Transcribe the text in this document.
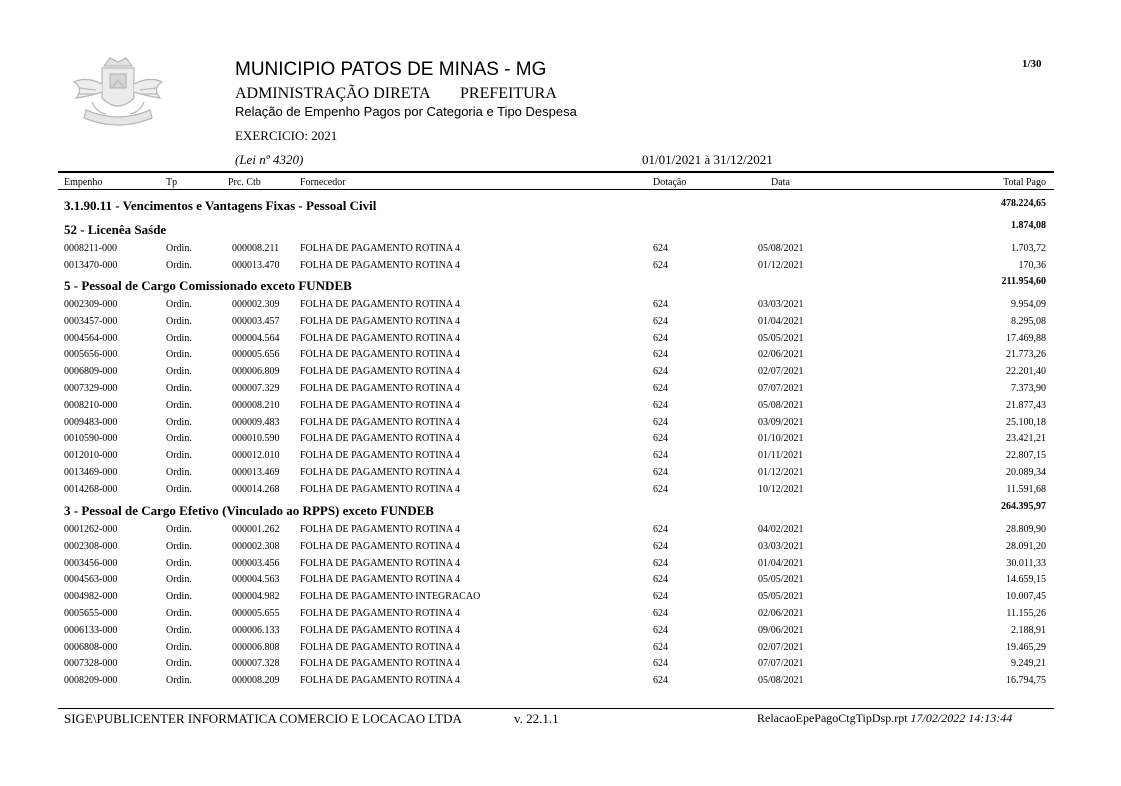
MUNICIPIO PATOS DE MINAS - MG
ADMINISTRAÇÃO DIRETA PREFEITURA
Relação de Empenho Pagos por Categoria e Tipo Despesa
EXERCICIO: 2021
(Lei nº 4320)	01/01/2021 à 31/12/2021
1/30
Empenho	Tp	Prc. Ctb	Fornecedor	Dotação	Data	Total Pago
3.1.90.11 - Vencimentos e Vantagens Fixas - Pessoal Civil	478.224,65
52 - Licenêa Saśde	1.874,08
0008211-000	Ordin.	000008.211 FOLHA DE PAGAMENTO ROTINA 4	624	05/08/2021	1.703,72
0013470-000	Ordin.	000013.470 FOLHA DE PAGAMENTO ROTINA 4	624	01/12/2021	170,36
5 - Pessoal de Cargo Comissionado exceto FUNDEB	211.954,60
0002309-000	Ordin.	000002.309 FOLHA DE PAGAMENTO ROTINA 4	624	03/03/2021	9.954,09
0003457-000	Ordin.	000003.457 FOLHA DE PAGAMENTO ROTINA 4	624	01/04/2021	8.295,08
0004564-000	Ordin.	000004.564 FOLHA DE PAGAMENTO ROTINA 4	624	05/05/2021	17.469,88
0005656-000	Ordin.	000005.656 FOLHA DE PAGAMENTO ROTINA 4	624	02/06/2021	21.773,26
0006809-000	Ordin.	000006.809 FOLHA DE PAGAMENTO ROTINA 4	624	02/07/2021	22.201,40
0007329-000	Ordin.	000007.329 FOLHA DE PAGAMENTO ROTINA 4	624	07/07/2021	7.373,90
0008210-000	Ordin.	000008.210 FOLHA DE PAGAMENTO ROTINA 4	624	05/08/2021	21.877,43
0009483-000	Ordin.	000009.483 FOLHA DE PAGAMENTO ROTINA 4	624	03/09/2021	25.100,18
0010590-000	Ordin.	000010.590 FOLHA DE PAGAMENTO ROTINA 4	624	01/10/2021	23.421,21
0012010-000	Ordin.	000012.010 FOLHA DE PAGAMENTO ROTINA 4	624	01/11/2021	22.807,15
0013469-000	Ordin.	000013.469 FOLHA DE PAGAMENTO ROTINA 4	624	01/12/2021	20.089,34
0014268-000	Ordin.	000014.268 FOLHA DE PAGAMENTO ROTINA 4	624	10/12/2021	11.591,68
3 - Pessoal de Cargo Efetivo (Vinculado ao RPPS) exceto FUNDEB	264.395,97
0001262-000	Ordin.	000001.262 FOLHA DE PAGAMENTO ROTINA 4	624	04/02/2021	28.809,90
0002308-000	Ordin.	000002.308 FOLHA DE PAGAMENTO ROTINA 4	624	03/03/2021	28.091,20
0003456-000	Ordin.	000003.456 FOLHA DE PAGAMENTO ROTINA 4	624	01/04/2021	30.011,33
0004563-000	Ordin.	000004.563 FOLHA DE PAGAMENTO ROTINA 4	624	05/05/2021	14.659,15
0004982-000	Ordin.	000004.982 FOLHA DE PAGAMENTO INTEGRACAO	624	05/05/2021	10.007,45
0005655-000	Ordin.	000005.655 FOLHA DE PAGAMENTO ROTINA 4	624	02/06/2021	11.155,26
0006133-000	Ordin.	000006.133 FOLHA DE PAGAMENTO ROTINA 4	624	09/06/2021	2.188,91
0006808-000	Ordin.	000006.808 FOLHA DE PAGAMENTO ROTINA 4	624	02/07/2021	19.465,29
0007328-000	Ordin.	000007.328 FOLHA DE PAGAMENTO ROTINA 4	624	07/07/2021	9.249,21
0008209-000	Ordin.	000008.209 FOLHA DE PAGAMENTO ROTINA 4	624	05/08/2021	16.794,75
SIGE\PUBLICENTER INFORMATICA COMERCIO E LOCACAO LTDA	v. 22.1.1	RelacaoEpePagoCtgTipDsp.rpt 17/02/2022 14:13:44
